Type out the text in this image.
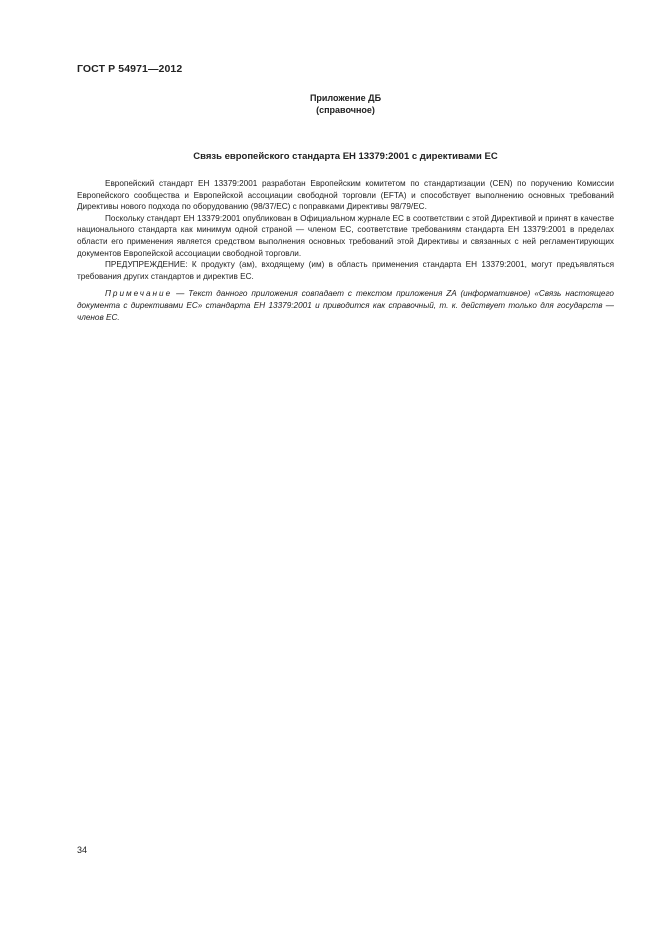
ГОСТ Р 54971—2012
Приложение ДБ
(справочное)
Связь европейского стандарта ЕН 13379:2001 с директивами ЕС

Европейский стандарт ЕН 13379:2001 разработан Европейским комитетом по стандартизации (CEN) по поручению Комиссии Европейского сообщества и Европейской ассоциации свободной торговли (EFTA) и способствует выполнению основных требований Директивы нового подхода по оборудованию (98/37/ЕС) с поправками Директивы 98/79/ЕС.

Поскольку стандарт ЕН 13379:2001 опубликован в Официальном журнале ЕС в соответствии с этой Директивой и принят в качестве национального стандарта как минимум одной страной — членом ЕС, соответствие требованиям стандарта ЕН 13379:2001 в пределах области его применения является средством выполнения основных требований этой Директивы и связанных с ней регламентирующих документов Европейской ассоциации свободной торговли.

ПРЕДУПРЕЖДЕНИЕ: К продукту (ам), входящему (им) в область применения стандарта ЕН 13379:2001, могут предъявляться требования других стандартов и директив ЕС.

Примечание — Текст данного приложения совпадает с текстом приложения ZA (информативное) «Связь настоящего документа с директивами ЕС» стандарта ЕН 13379:2001 и приводится как справочный, т. к. действует только для государств — членов ЕС.

34
